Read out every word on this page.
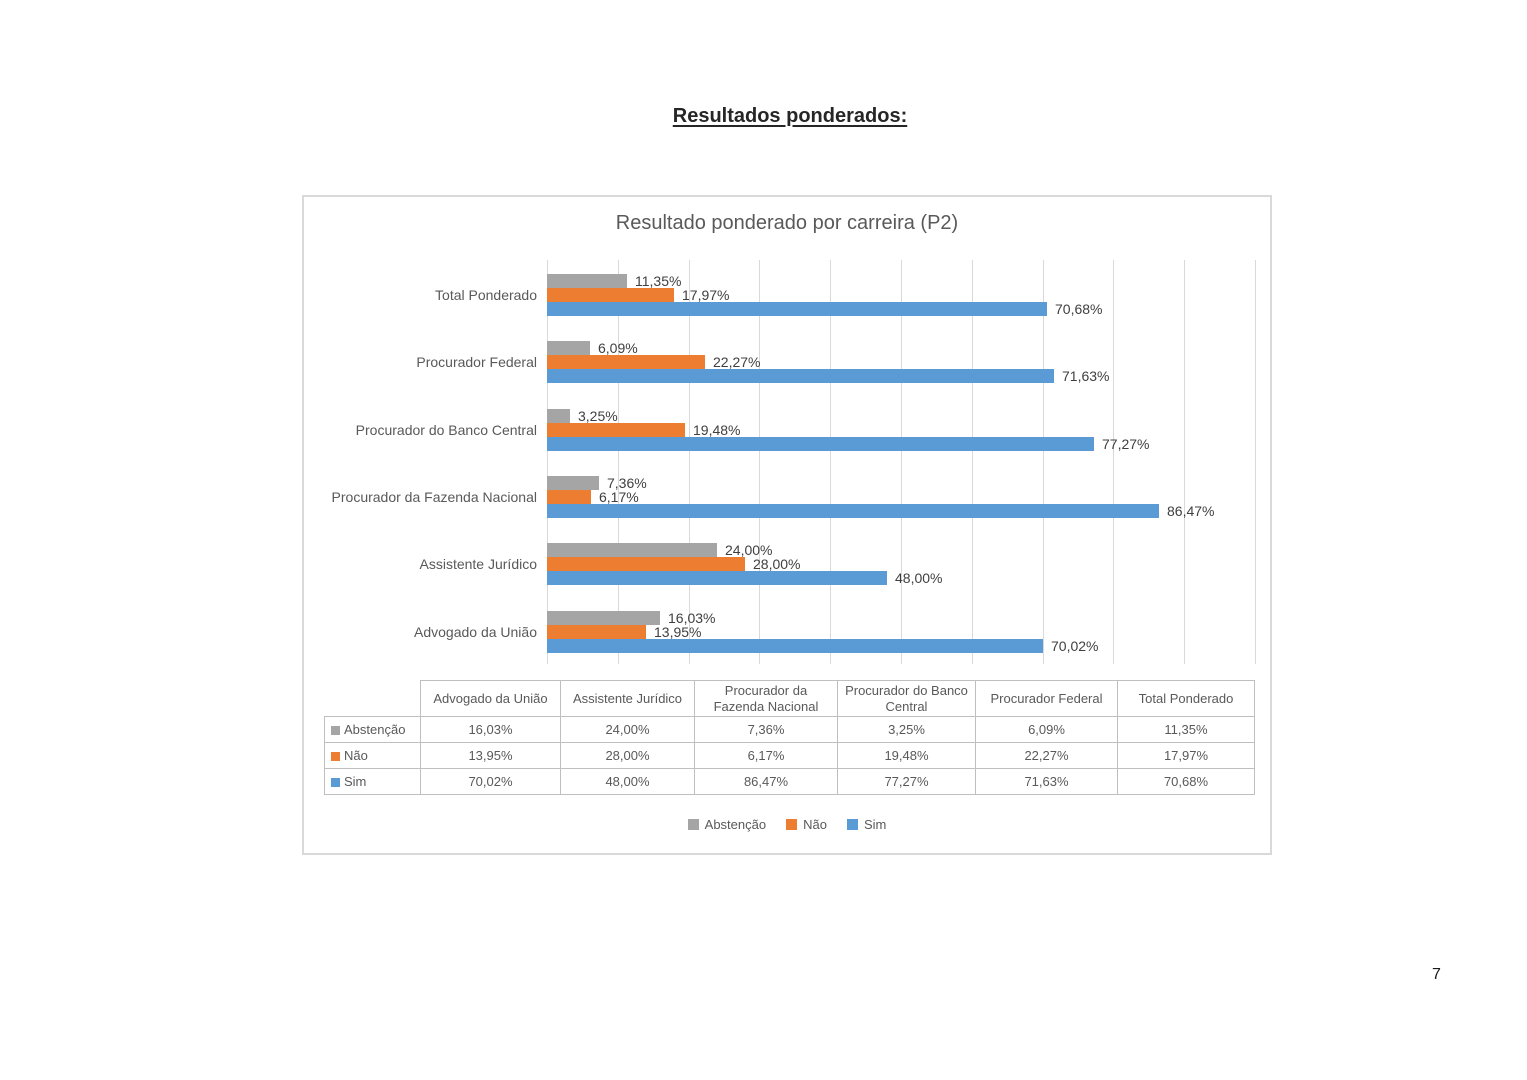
Resultados ponderados:
Resultado ponderado por carreira (P2)
Total Ponderado
Procurador Federal
Procurador do Banco Central
Procurador da Fazenda Nacional
Assistente Jurídico
Advogado da União
11,35%
17,97%
70,68%
6,09%
22,27%
71,63%
3,25%
19,48%
77,27%
7,36%
6,17%
86,47%
24,00%
28,00%
48,00%
16,03%
13,95%
70,02%
	Advogado da União	Assistente Jurídico	Procurador da Fazenda Nacional	Procurador do Banco Central	Procurador Federal	Total Ponderado
Abstenção	16,03%	24,00%	7,36%	3,25%	6,09%	11,35%
Não	13,95%	28,00%	6,17%	19,48%	22,27%	17,97%
Sim	70,02%	48,00%	86,47%	77,27%	71,63%	70,68%
Abstenção	Não	Sim
7
